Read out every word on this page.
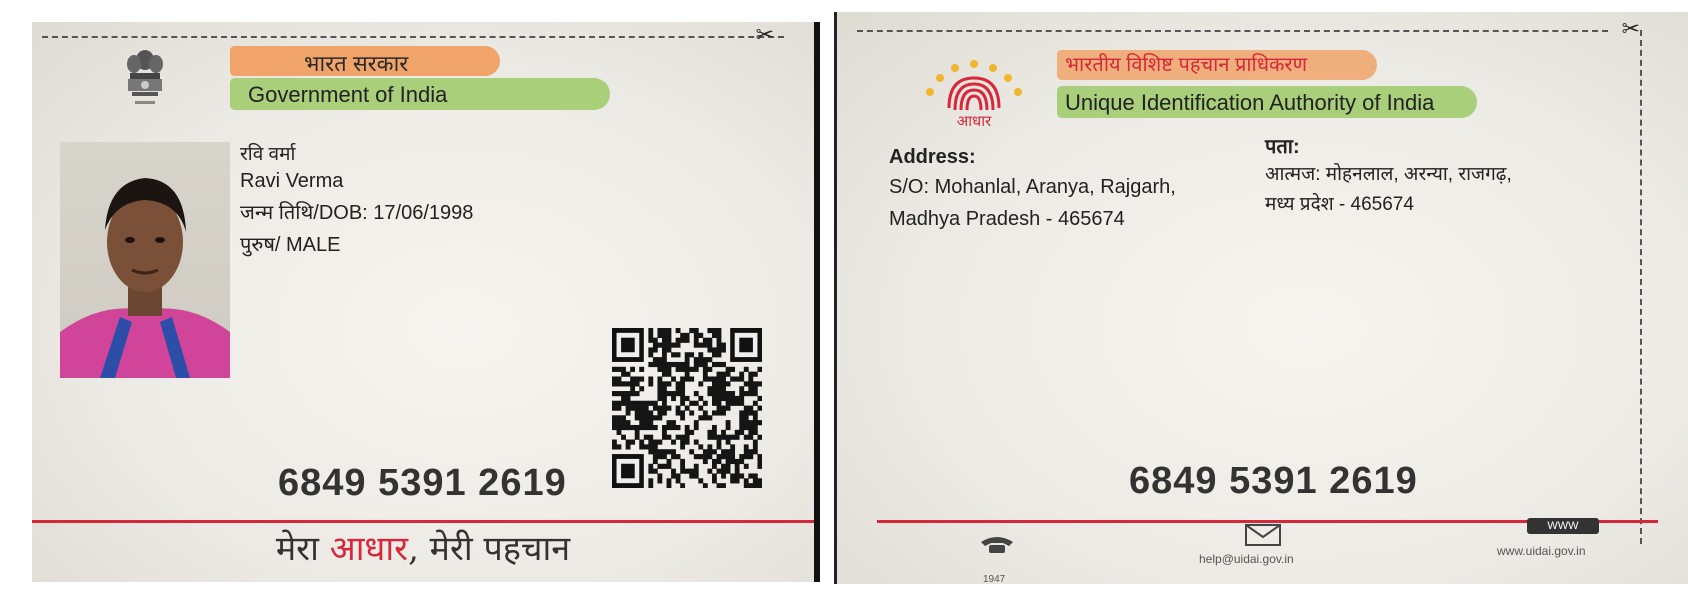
✂
भारत सरकार
Government of India
रवि वर्मा
Ravi Verma
जन्म तिथि/DOB: 17/06/1998
पुरुष/ MALE
6849 5391 2619
मेरा आधार, मेरी पहचान
✂
आधार
भारतीय विशिष्ट पहचान प्राधिकरण
Unique Identification Authority of India
Address:
S/O: Mohanlal, Aranya, Rajgarh,
Madhya Pradesh - 465674
पता:
आत्मज: मोहनलाल, अरन्या, राजगढ़,
मध्य प्रदेश - 465674
6849 5391 2619
1947
help@uidai.gov.in
WWW
www.uidai.gov.in
